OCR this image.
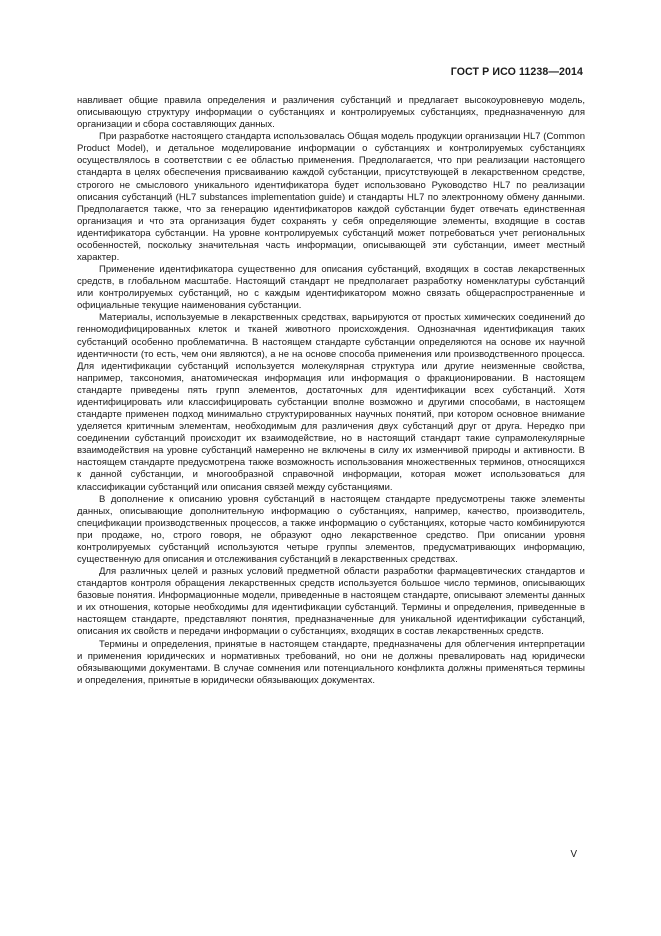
ГОСТ Р ИСО 11238—2014

навливает общие правила определения и различения субстанций и предлагает высокоуровневую модель, описывающую структуру информации о субстанциях и контролируемых субстанциях, предназначенную для организации и сбора составляющих данных.

При разработке настоящего стандарта использовалась Общая модель продукции организации HL7 (Common Product Model), и детальное моделирование информации о субстанциях и контролируемых субстанциях осуществлялось в соответствии с ее областью применения. Предполагается, что при реализации настоящего стандарта в целях обеспечения присваиванию каждой субстанции, присутствующей в лекарственном средстве, строгого не смыслового уникального идентификатора будет использовано Руководство HL7 по реализации описания субстанций (HL7 substances implementation guide) и стандарты HL7 по электронному обмену данными. Предполагается также, что за генерацию идентификаторов каждой субстанции будет отвечать единственная организация и что эта организация будет сохранять у себя определяющие элементы, входящие в состав идентификатора субстанции. На уровне контролируемых субстанций может потребоваться учет региональных особенностей, поскольку значительная часть информации, описывающей эти субстанции, имеет местный характер.

Применение идентификатора существенно для описания субстанций, входящих в состав лекарственных средств, в глобальном масштабе. Настоящий стандарт не предполагает разработку номенклатуры субстанций или контролируемых субстанций, но с каждым идентификатором можно связать общераспространенные и официальные текущие наименования субстанции.

Материалы, используемые в лекарственных средствах, варьируются от простых химических соединений до генномодифицированных клеток и тканей животного происхождения. Однозначная идентификация таких субстанций особенно проблематична. В настоящем стандарте субстанции определяются на основе их научной идентичности (то есть, чем они являются), а не на основе способа применения или производственного процесса. Для идентификации субстанций используется молекулярная структура или другие неизменные свойства, например, таксономия, анатомическая информация или информация о фракционировании. В настоящем стандарте приведены пять групп элементов, достаточных для идентификации всех субстанций. Хотя идентифицировать или классифицировать субстанции вполне возможно и другими способами, в настоящем стандарте применен подход минимально структурированных научных понятий, при котором основное внимание уделяется критичным элементам, необходимым для различения двух субстанций друг от друга. Нередко при соединении субстанций происходит их взаимодействие, но в настоящий стандарт такие супрамолекулярные взаимодействия на уровне субстанций намеренно не включены в силу их изменчивой природы и активности. В настоящем стандарте предусмотрена также возможность использования множественных терминов, относящихся к данной субстанции, и многообразной справочной информации, которая может использоваться для классификации субстанций или описания связей между субстанциями.

В дополнение к описанию уровня субстанций в настоящем стандарте предусмотрены также элементы данных, описывающие дополнительную информацию о субстанциях, например, качество, производитель, спецификации производственных процессов, а также информацию о субстанциях, которые часто комбинируются при продаже, но, строго говоря, не образуют одно лекарственное средство. При описании уровня контролируемых субстанций используются четыре группы элементов, предусматривающих информацию, существенную для описания и отслеживания субстанций в лекарственных средствах.

Для различных целей и разных условий предметной области разработки фармацевтических стандартов и стандартов контроля обращения лекарственных средств используется большое число терминов, описывающих базовые понятия. Информационные модели, приведенные в настоящем стандарте, описывают элементы данных и их отношения, которые необходимы для идентификации субстанций. Термины и определения, приведенные в настоящем стандарте, представляют понятия, предназначенные для уникальной идентификации субстанций, описания их свойств и передачи информации о субстанциях, входящих в состав лекарственных средств.

Термины и определения, принятые в настоящем стандарте, предназначены для облегчения интерпретации и применения юридических и нормативных требований, но они не должны превалировать над юридически обязывающими документами. В случае сомнения или потенциального конфликта должны применяться термины и определения, принятые в юридически обязывающих документах.

V
